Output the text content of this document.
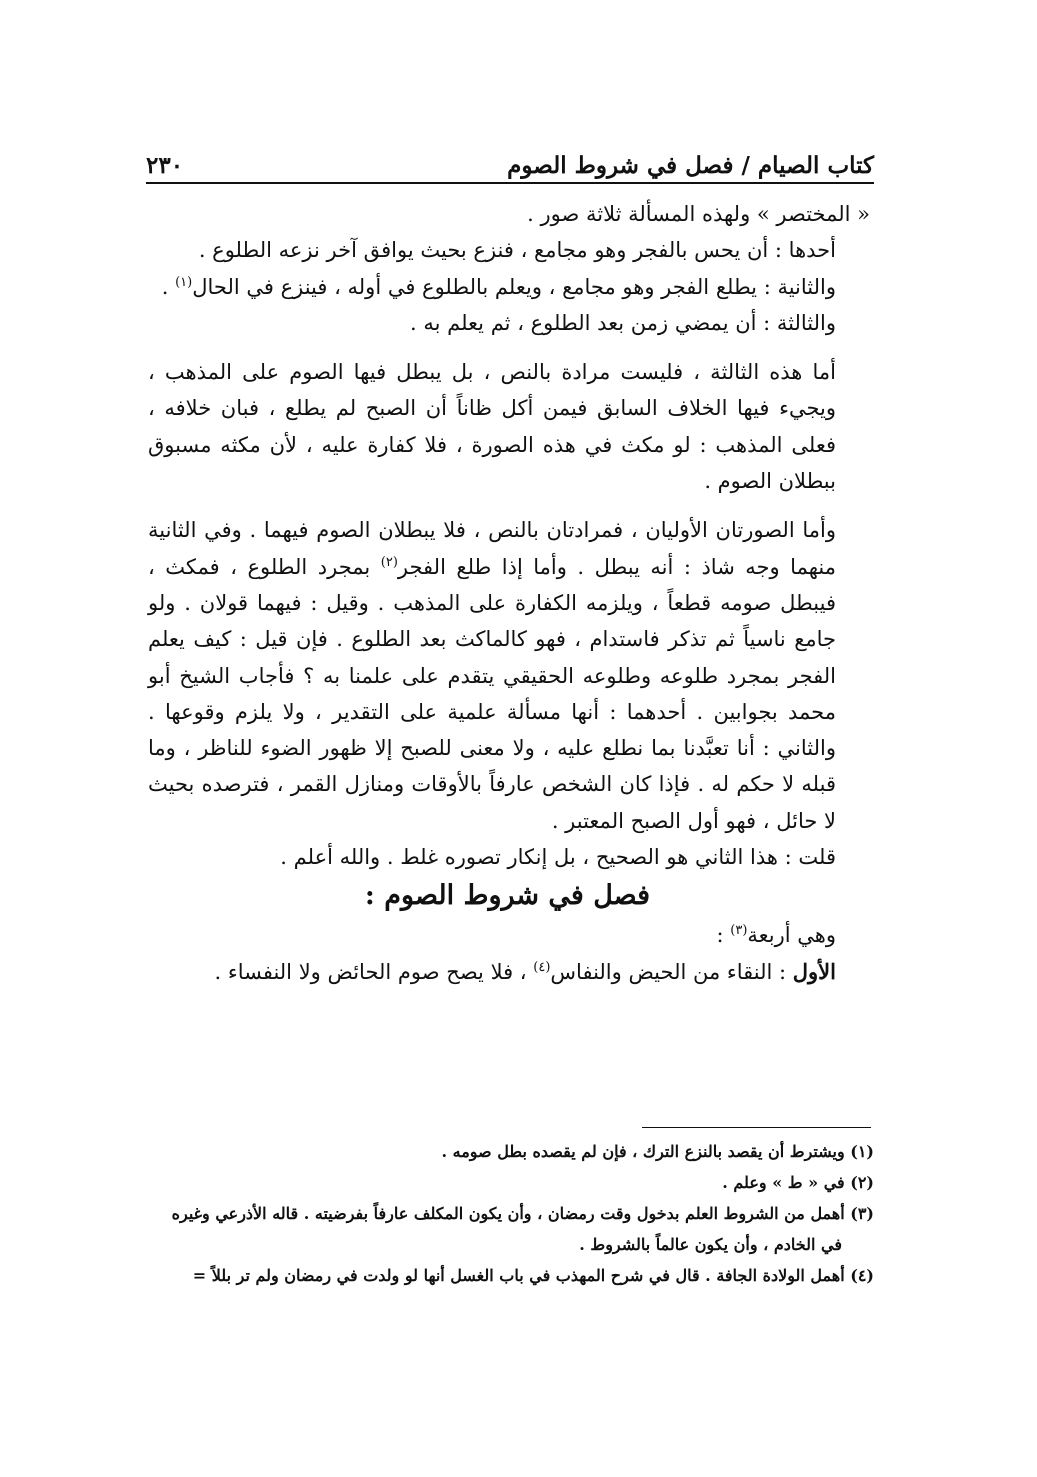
كتاب الصيام / فصل في شروط الصوم
٢٣٠

« المختصر » ولهذه المسألة ثلاثة صور .

أحدها : أن يحس بالفجر وهو مجامع ، فنزع بحيث يوافق آخر نزعه الطلوع .

والثانية : يطلع الفجر وهو مجامع ، ويعلم بالطلوع في أوله ، فينزع في الحال$^{(١)}$ .

والثالثة : أن يمضي زمن بعد الطلوع ، ثم يعلم به .

أما هذه الثالثة ، فليست مرادة بالنص ، بل يبطل فيها الصوم على المذهب ، ويجيء فيها الخلاف السابق فيمن أكل ظاناً أن الصبح لم يطلع ، فبان خلافه ، فعلى المذهب : لو مكث في هذه الصورة ، فلا كفارة عليه ، لأن مكثه مسبوق ببطلان الصوم .

وأما الصورتان الأوليان ، فمرادتان بالنص ، فلا يبطلان الصوم فيهما . وفي الثانية منهما وجه شاذ : أنه يبطل . وأما إذا طلع الفجر$^{(٢)}$ بمجرد الطلوع ، فمكث ، فيبطل صومه قطعاً ، ويلزمه الكفارة على المذهب . وقيل : فيهما قولان . ولو جامع ناسياً ثم تذكر فاستدام ، فهو كالماكث بعد الطلوع . فإن قيل : كيف يعلم الفجر بمجرد طلوعه وطلوعه الحقيقي يتقدم على علمنا به ؟ فأجاب الشيخ أبو محمد بجوابين . أحدهما : أنها مسألة علمية على التقدير ، ولا يلزم وقوعها . والثاني : أنا تعبَّدنا بما نطلع عليه ، ولا معنى للصبح إلا ظهور الضوء للناظر ، وما قبله لا حكم له . فإذا كان الشخص عارفاً بالأوقات ومنازل القمر ، فترصده بحيث لا حائل ، فهو أول الصبح المعتبر .

قلت : هذا الثاني هو الصحيح ، بل إنكار تصوره غلط . والله أعلم .

فصل في شروط الصوم :

وهي أربعة$^{(٣)}$ :

الأول : النقاء من الحيض والنفاس$^{(٤)}$ ، فلا يصح صوم الحائض ولا النفساء .

(١) ويشترط أن يقصد بالنزع الترك ، فإن لم يقصده بطل صومه .

(٢) في « ط » وعلم .

(٣) أهمل من الشروط العلم بدخول وقت رمضان ، وأن يكون المكلف عارفاً بفرضيته . قاله الأذرعي وغيره

في الخادم ، وأن يكون عالماً بالشروط .

(٤) أهمل الولادة الجافة . قال في شرح المهذب في باب الغسل أنها لو ولدت في رمضان ولم تر بللاً =
